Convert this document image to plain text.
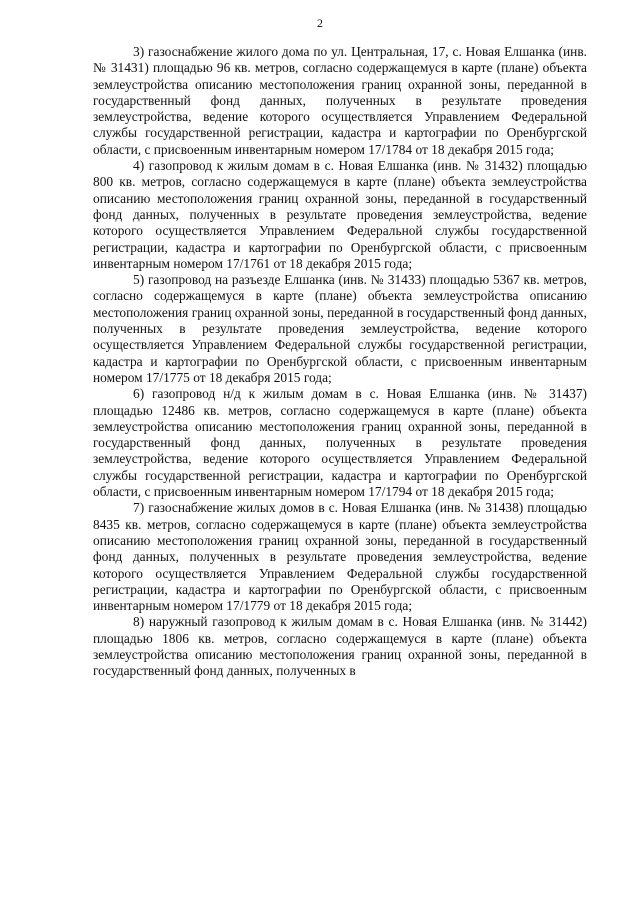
2

3) газоснабжение жилого дома по ул. Центральная, 17, с. Новая Елшанка (инв. № 31431) площадью 96 кв. метров, согласно содержащемуся в карте (плане) объекта землеустройства описанию местоположения границ охранной зоны, переданной в государственный фонд данных, полученных в результате проведения землеустройства, ведение которого осуществляется Управлением Федеральной службы государственной регистрации, кадастра и картографии по Оренбургской области, с присвоенным инвентарным номером 17/1784 от 18 декабря 2015 года;

4) газопровод к жилым домам в с. Новая Елшанка (инв. № 31432) площадью 800 кв. метров, согласно содержащемуся в карте (плане) объекта землеустройства описанию местоположения границ охранной зоны, переданной в государственный фонд данных, полученных в результате проведения землеустройства, ведение которого осуществляется Управлением Федеральной службы государственной регистрации, кадастра и картографии по Оренбургской области, с присвоенным инвентарным номером 17/1761 от 18 декабря 2015 года;

5) газопровод на разъезде Елшанка (инв. № 31433) площадью 5367 кв. метров, согласно содержащемуся в карте (плане) объекта землеустройства описанию местоположения границ охранной зоны, переданной в государственный фонд данных, полученных в результате проведения землеустройства, ведение которого осуществляется Управлением Федеральной службы государственной регистрации, кадастра и картографии по Оренбургской области, с присвоенным инвентарным номером 17/1775 от 18 декабря 2015 года;

6) газопровод н/д к жилым домам в с. Новая Елшанка (инв. № 31437) площадью 12486 кв. метров, согласно содержащемуся в карте (плане) объекта землеустройства описанию местоположения границ охранной зоны, переданной в государственный фонд данных, полученных в результате проведения землеустройства, ведение которого осуществляется Управлением Федеральной службы государственной регистрации, кадастра и картографии по Оренбургской области, с присвоенным инвентарным номером 17/1794 от 18 декабря 2015 года;

7) газоснабжение жилых домов в с. Новая Елшанка (инв. № 31438) площадью 8435 кв. метров, согласно содержащемуся в карте (плане) объекта землеустройства описанию местоположения границ охранной зоны, переданной в государственный фонд данных, полученных в результате проведения землеустройства, ведение которого осуществляется Управлением Федеральной службы государственной регистрации, кадастра и картографии по Оренбургской области, с присвоенным инвентарным номером 17/1779 от 18 декабря 2015 года;

8) наружный газопровод к жилым домам в с. Новая Елшанка (инв. № 31442) площадью 1806 кв. метров, согласно содержащемуся в карте (плане) объекта землеустройства описанию местоположения границ охранной зоны, переданной в государственный фонд данных, полученных в
